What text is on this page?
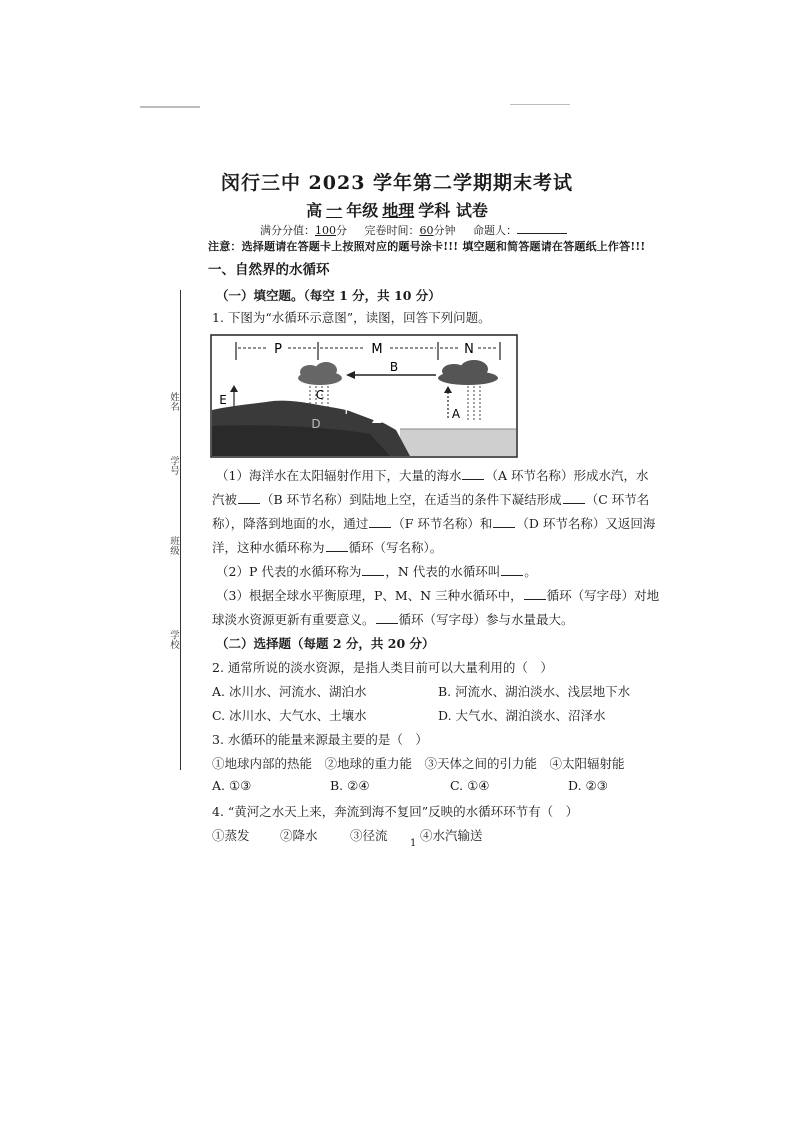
姓名
学号
班级
学校
闵行三中 2023 学年第二学期期末考试
高 一 年级 地理 学科 试卷
满分分值：100分 完卷时间：60分钟 命题人：
注意：选择题请在答题卡上按照对应的题号涂卡!!! 填空题和简答题请在答题纸上作答!!!
一、自然界的水循环
（一）填空题。（每空 1 分，共 10 分）
1. 下图为“水循环示意图”，读图，回答下列问题。
P	M	N
B
C
A
E
D
F
（1）海洋水在太阳辐射作用下，大量的海水 （A 环节名称）形成水汽，水
汽被 （B 环节名称）到陆地上空，在适当的条件下凝结形成 （C 环节名
称），降落到地面的水，通过 （F 环节名称）和 （D 环节名称）又返回海
洋，这种水循环称为 循环（写名称）。
（2）P 代表的水循环称为 ，N 代表的水循环叫 。
（3）根据全球水平衡原理，P、M、N 三种水循环中， 循环（写字母）对地
球淡水资源更新有重要意义。 循环（写字母）参与水量最大。
（二）选择题（每题 2 分，共 20 分）
2. 通常所说的淡水资源，是指人类目前可以大量利用的（　）
A. 冰川水、河流水、湖泊水	B. 河流水、湖泊淡水、浅层地下水
C. 冰川水、大气水、土壤水	D. 大气水、湖泊淡水、沼泽水
3. 水循环的能量来源最主要的是（　）
①地球内部的热能　②地球的重力能　③天体之间的引力能　④太阳辐射能
A. ①③	B. ②④	C. ①④	D. ②③
4. “黄河之水天上来，奔流到海不复回”反映的水循环环节有（　）
①蒸发 ②降水	③径流	④水汽输送
1
